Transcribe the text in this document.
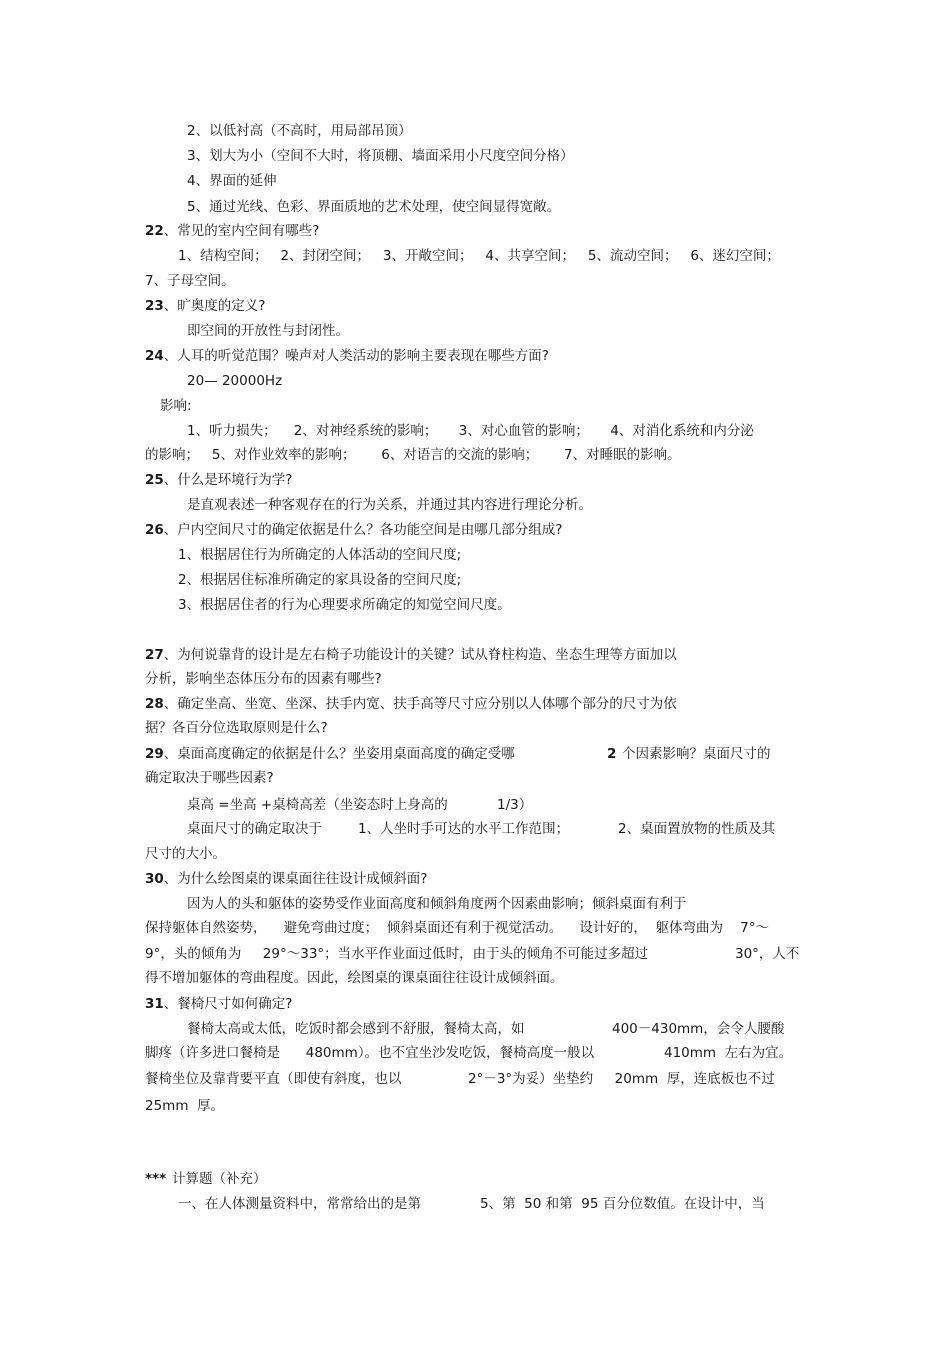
2、以低衬高（不高时，用局部吊顶）
3、划大为小（空间不大时，将顶棚、墙面采用小尺度空间分格）
4、界面的延伸
5、通过光线、色彩、界面质地的艺术处理，使空间显得宽敞。
22、常见的室内空间有哪些?
1、结构空间；   2、封闭空间；   3、开敞空间；   4、共享空间；   5、流动空间；   6、迷幻空间；
7、子母空间。
23、旷奥度的定义?
即空间的开放性与封闭性。
24、人耳的听觉范围？噪声对人类活动的影响主要表现在哪些方面?
20— 20000Hz
影响:
1、听力损失；    2、对神经系统的影响；     3、对心血管的影响；     4、对消化系统和内分泌
的影响；   5、对作业效率的影响；      6、对语言的交流的影响；      7、对睡眠的影响。
25、什么是环境行为学?
是直观表述一种客观存在的行为关系，并通过其内容进行理论分析。
26、户内空间尺寸的确定依据是什么？各功能空间是由哪几部分组成?
1、根据居住行为所确定的人体活动的空间尺度;
2、根据居住标准所确定的家具设备的空间尺度;
3、根据居住者的行为心理要求所确定的知觉空间尺度。
27、为何说靠背的设计是左右椅子功能设计的关键？试从脊柱构造、坐态生理等方面加以
分析，影响坐态体压分布的因素有哪些?
28、确定坐高、坐宽、坐深、扶手内宽、扶手高等尺寸应分别以人体哪个部分的尺寸为依
据？各百分位选取原则是什么?
29、桌面高度确定的依据是什么？坐姿用桌面高度的确定受哪	2 个因素影响？桌面尺寸的
确定取决于哪些因素?
桌高 =坐高 +桌椅高差（坐姿态时上身高的	1/3）
桌面尺寸的确定取决于	1、人坐时手可达的水平工作范围；	2、桌面置放物的性质及其
尺寸的大小。
30、为什么绘图桌的课桌面往往设计成倾斜面?
因为人的头和躯体的姿势受作业面高度和倾斜角度两个因素曲影响；倾斜桌面有利于
保持躯体自然姿势，    避免弯曲过度；  倾斜桌面还有利于视觉活动。    设计好的，  躯体弯曲为    7°～
9°，头的倾角为     29°～33°；当水平作业面过低时，由于头的倾角不可能过多超过	30°，人不
得不增加躯体的弯曲程度。因此，绘图桌的课桌面往往设计成倾斜面。
31、餐椅尺寸如何确定?
餐椅太高或太低，吃饭时都会感到不舒服，餐椅太高，如	400－430mm，会令人腰酸
脚疼（许多进口餐椅是      480mm）。也不宜坐沙发吃饭，餐椅高度一般以	410mm  左右为宜。
餐椅坐位及靠背要平直（即使有斜度，也以	2°－3°为妥）坐垫约     20mm  厚，连底板也不过
25mm  厚。
*** 计算题（补充）
一、在人体测量资料中，常常给出的是第	5、第  50 和第  95 百分位数值。在设计中，当
